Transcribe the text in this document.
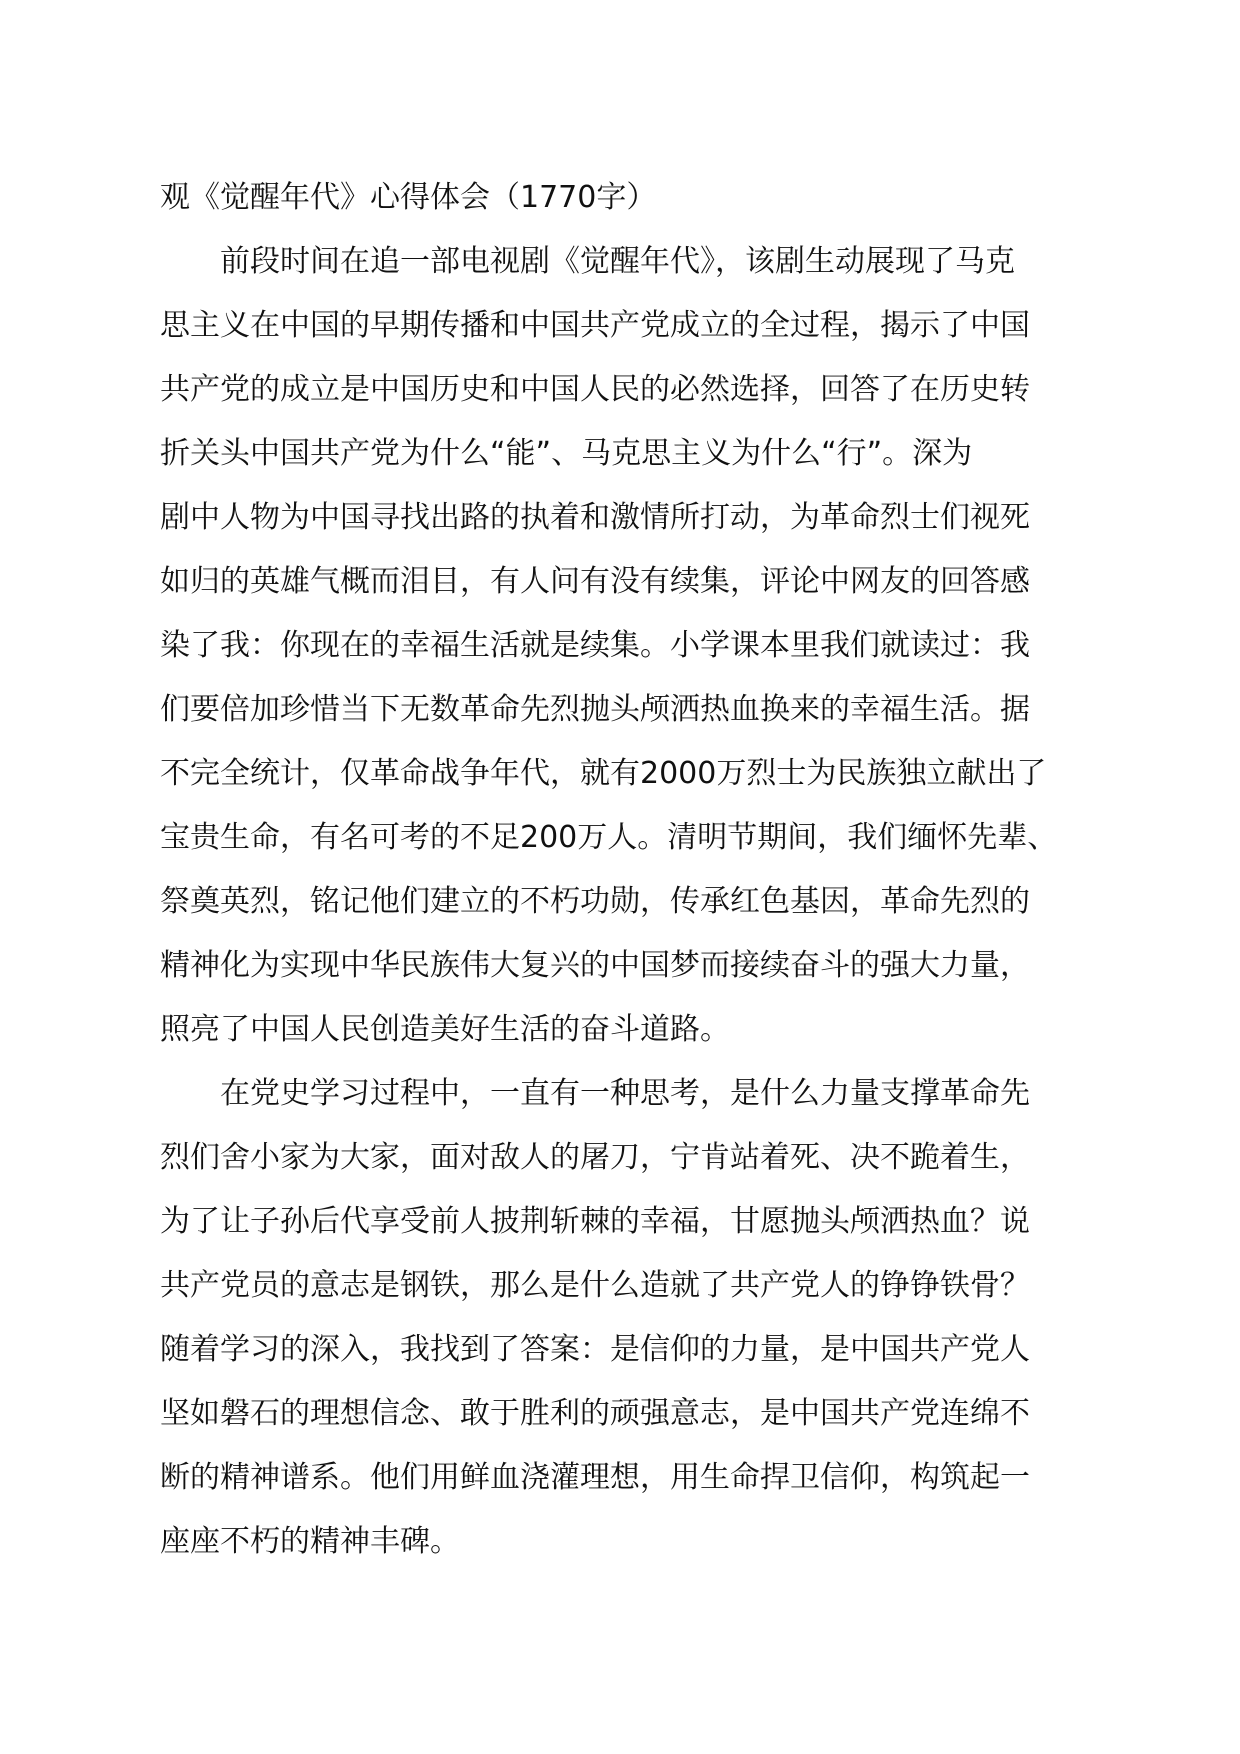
观《觉醒年代》心得体会（1770字）
前段时间在追一部电视剧《觉醒年代》，该剧生动展现了马克
思主义在中国的早期传播和中国共产党成立的全过程，揭示了中国
共产党的成立是中国历史和中国人民的必然选择，回答了在历史转
折关头中国共产党为什么“能”、马克思主义为什么“行”。深为
剧中人物为中国寻找出路的执着和激情所打动，为革命烈士们视死
如归的英雄气概而泪目，有人问有没有续集，评论中网友的回答感
染了我：你现在的幸福生活就是续集。小学课本里我们就读过：我
们要倍加珍惜当下无数革命先烈抛头颅洒热血换来的幸福生活。据
不完全统计，仅革命战争年代，就有2000万烈士为民族独立献出了
宝贵生命，有名可考的不足200万人。清明节期间，我们缅怀先辈、
祭奠英烈，铭记他们建立的不朽功勋，传承红色基因，革命先烈的
精神化为实现中华民族伟大复兴的中国梦而接续奋斗的强大力量，
照亮了中国人民创造美好生活的奋斗道路。
在党史学习过程中，一直有一种思考，是什么力量支撑革命先
烈们舍小家为大家，面对敌人的屠刀，宁肯站着死、决不跪着生，
为了让子孙后代享受前人披荆斩棘的幸福，甘愿抛头颅洒热血？说
共产党员的意志是钢铁，那么是什么造就了共产党人的铮铮铁骨？
随着学习的深入，我找到了答案：是信仰的力量，是中国共产党人
坚如磐石的理想信念、敢于胜利的顽强意志，是中国共产党连绵不
断的精神谱系。他们用鲜血浇灌理想，用生命捍卫信仰，构筑起一
座座不朽的精神丰碑。
